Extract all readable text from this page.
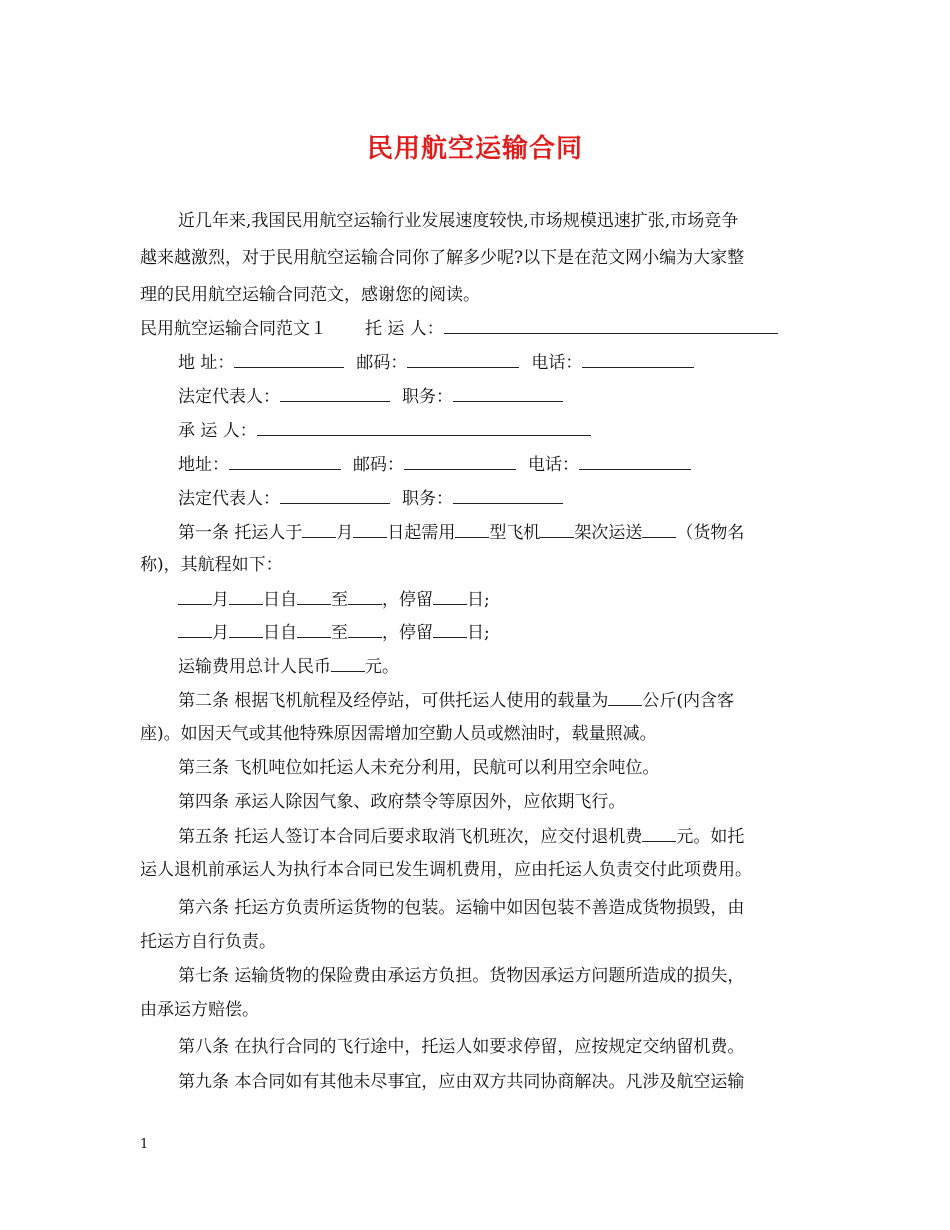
民用航空运输合同
近几年来,我国民用航空运输行业发展速度较快,市场规模迅速扩张,市场竞争
越来越激烈，对于民用航空运输合同你了解多少呢?以下是在范文网小编为大家整
理的民用航空运输合同范文，感谢您的阅读。
民用航空运输合同范文１ 托 运 人：
地 址：	邮码：	电话：
法定代表人：	职务：
承 运 人：
地址：	邮码：	电话：
法定代表人：	职务：
第一条 托运人于 月 日起需用 型飞机 架次运送 （货物名
称)，其航程如下：
月 日自 至 ，停留 日;
月 日自 至 ，停留 日;
运输费用总计人民币 元。
第二条 根据飞机航程及经停站，可供托运人使用的载量为 公斤(内含客
座)。如因天气或其他特殊原因需增加空勤人员或燃油时，载量照减。
第三条 飞机吨位如托运人未充分利用，民航可以利用空余吨位。
第四条 承运人除因气象、政府禁令等原因外，应依期飞行。
第五条 托运人签订本合同后要求取消飞机班次，应交付退机费 元。如托
运人退机前承运人为执行本合同已发生调机费用，应由托运人负责交付此项费用。
第六条 托运方负责所运货物的包装。运输中如因包装不善造成货物损毁，由
托运方自行负责。
第七条 运输货物的保险费由承运方负担。货物因承运方问题所造成的损失，
由承运方赔偿。
第八条 在执行合同的飞行途中，托运人如要求停留，应按规定交纳留机费。
第九条 本合同如有其他未尽事宜，应由双方共同协商解决。凡涉及航空运输
1
